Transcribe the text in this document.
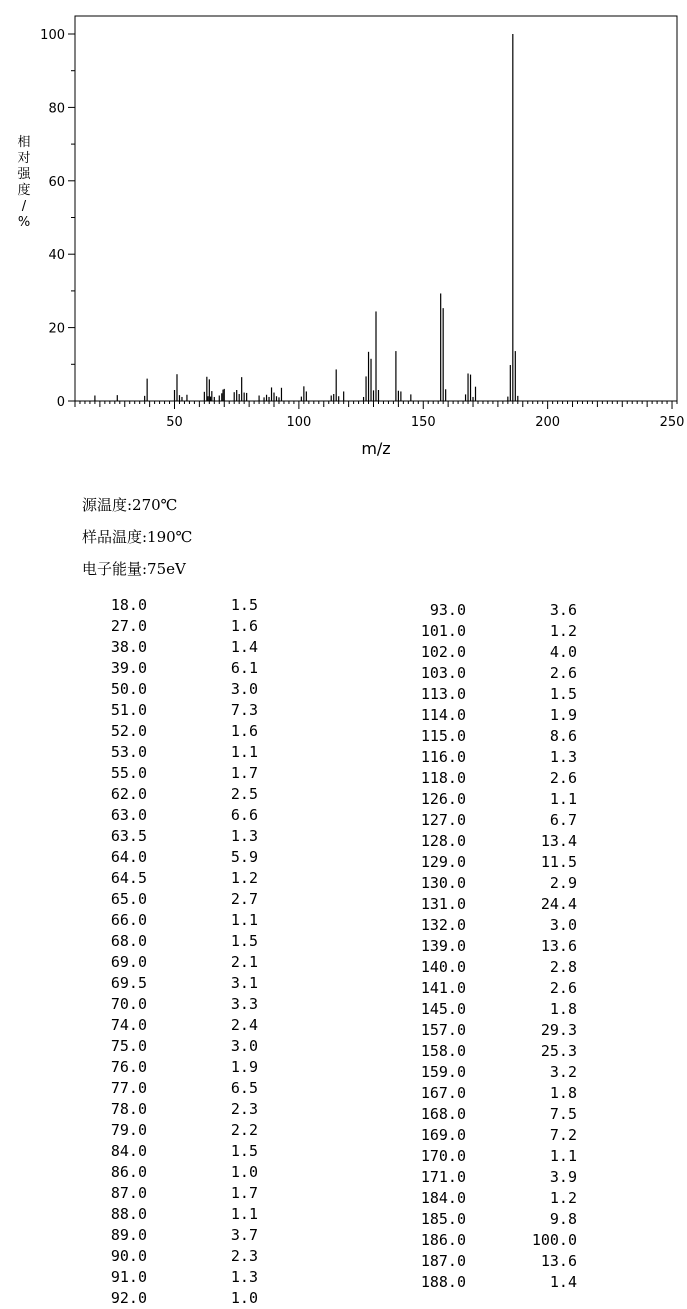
相
对
强
度
/
%
50	100	150	200	250
0
20
40
60
80
100
m/z
源温度:270℃
样品温度:190℃
电子能量:75eV
18.0	1.5
27.0	1.6
38.0	1.4
39.0	6.1
50.0	3.0
51.0	7.3
52.0	1.6
53.0	1.1
55.0	1.7
62.0	2.5
63.0	6.6
63.5	1.3
64.0	5.9
64.5	1.2
65.0	2.7
66.0	1.1
68.0	1.5
69.0	2.1
69.5	3.1
70.0	3.3
74.0	2.4
75.0	3.0
76.0	1.9
77.0	6.5
78.0	2.3
79.0	2.2
84.0	1.5
86.0	1.0
87.0	1.7
88.0	1.1
89.0	3.7
90.0	2.3
91.0	1.3
92.0	1.0
93.0	3.6
101.0	1.2
102.0	4.0
103.0	2.6
113.0	1.5
114.0	1.9
115.0	8.6
116.0	1.3
118.0	2.6
126.0	1.1
127.0	6.7
128.0	13.4
129.0	11.5
130.0	2.9
131.0	24.4
132.0	3.0
139.0	13.6
140.0	2.8
141.0	2.6
145.0	1.8
157.0	29.3
158.0	25.3
159.0	3.2
167.0	1.8
168.0	7.5
169.0	7.2
170.0	1.1
171.0	3.9
184.0	1.2
185.0	9.8
186.0	100.0
187.0	13.6
188.0	1.4
